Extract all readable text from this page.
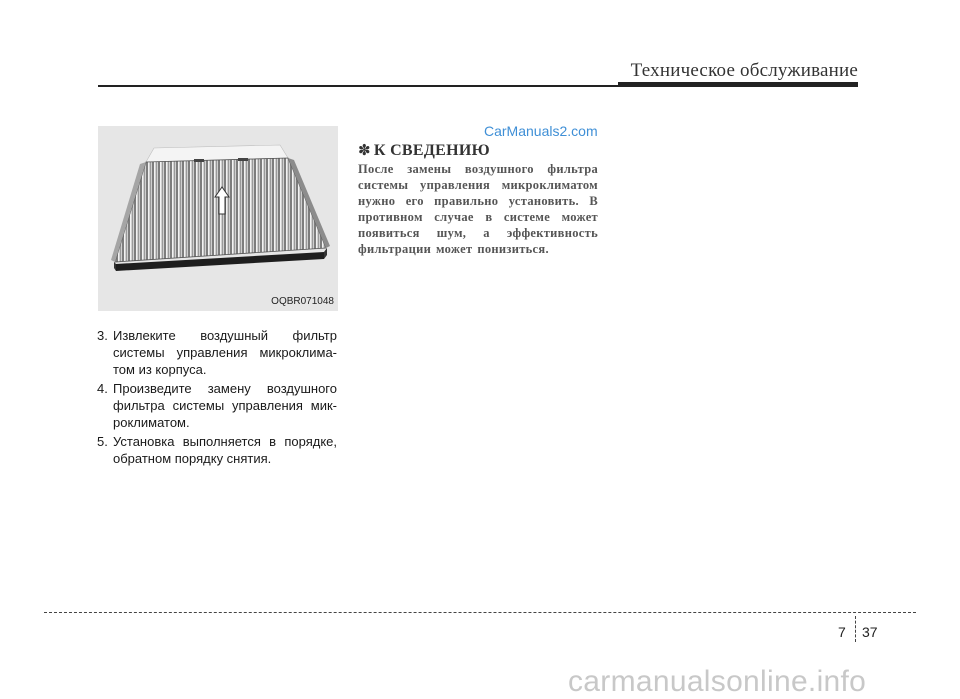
Техническое обслуживание
OQBR071048
3. Извлеките воздушный фильтр системы управления микроклима-том из корпуса.
4. Произведите замену воздушного фильтра системы управления мик-роклиматом.
5. Установка выполняется в порядке, обратном порядку снятия.
CarManuals2.com
✽ К СВЕДЕНИЮ
После замены воздушного фильтра системы управления микроклиматом нужно его правильно установить. В противном случае в системе может появиться шум, а эффективность фильтрации может понизиться.
7 37
carmanualsonline.info
